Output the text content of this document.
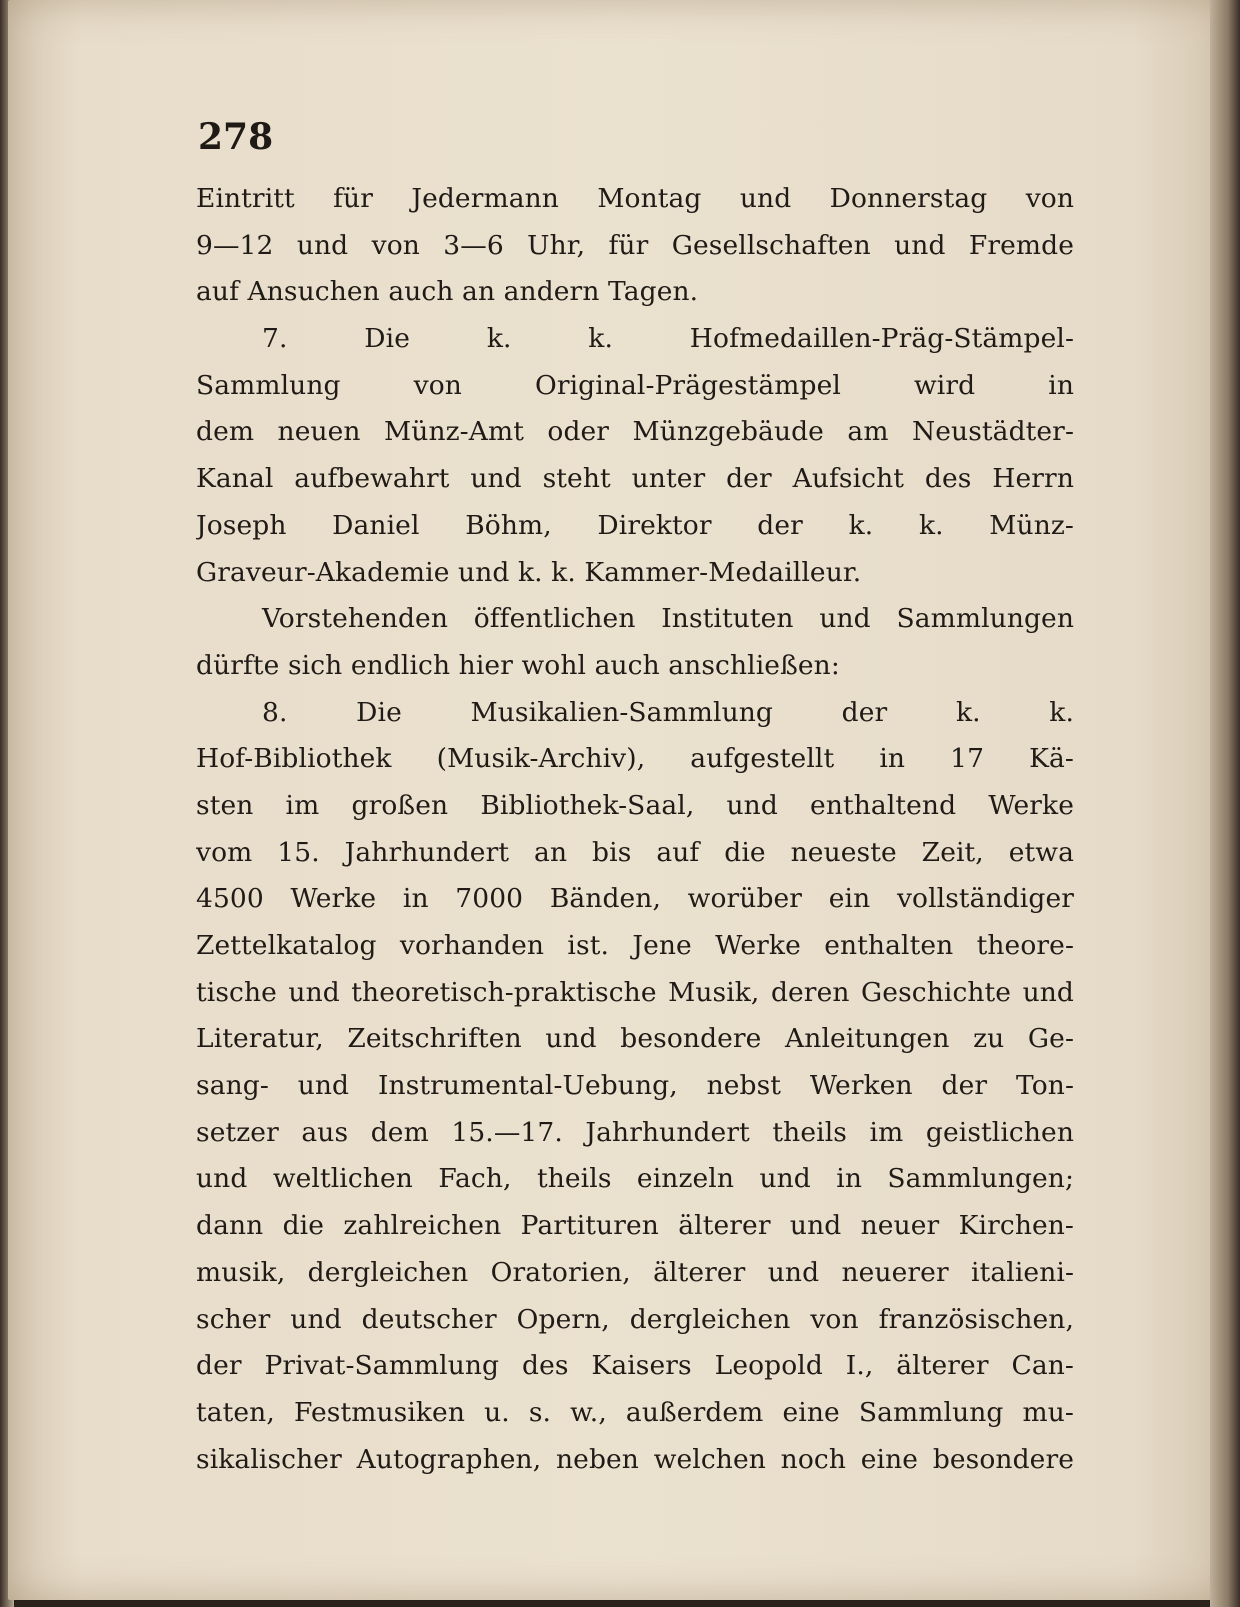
278
Eintritt für Jedermann Montag und Donnerstag von
9—12 und von 3—6 Uhr, für Gesellschaften und Fremde
auf Ansuchen auch an andern Tagen.
7. Die k. k. Hofmedaillen-Präg-Stämpel-
Sammlung von Original-Prägestämpel wird in
dem neuen Münz-Amt oder Münzgebäude am Neustädter-
Kanal aufbewahrt und steht unter der Aufsicht des Herrn
Joseph Daniel Böhm, Direktor der k. k. Münz-
Graveur-Akademie und k. k. Kammer-Medailleur.
Vorstehenden öffentlichen Instituten und Sammlungen
dürfte sich endlich hier wohl auch anschließen:
8. Die Musikalien-Sammlung der k. k.
Hof-Bibliothek (Musik-Archiv), aufgestellt in 17 Kä-
sten im großen Bibliothek-Saal, und enthaltend Werke
vom 15. Jahrhundert an bis auf die neueste Zeit, etwa
4500 Werke in 7000 Bänden, worüber ein vollständiger
Zettelkatalog vorhanden ist. Jene Werke enthalten theore-
tische und theoretisch-praktische Musik, deren Geschichte und
Literatur, Zeitschriften und besondere Anleitungen zu Ge-
sang- und Instrumental-Uebung, nebst Werken der Ton-
setzer aus dem 15.—17. Jahrhundert theils im geistlichen
und weltlichen Fach, theils einzeln und in Sammlungen;
dann die zahlreichen Partituren älterer und neuer Kirchen-
musik, dergleichen Oratorien, älterer und neuerer italieni-
scher und deutscher Opern, dergleichen von französischen,
der Privat-Sammlung des Kaisers Leopold I., älterer Can-
taten, Festmusiken u. s. w., außerdem eine Sammlung mu-
sikalischer Autographen, neben welchen noch eine besondere
